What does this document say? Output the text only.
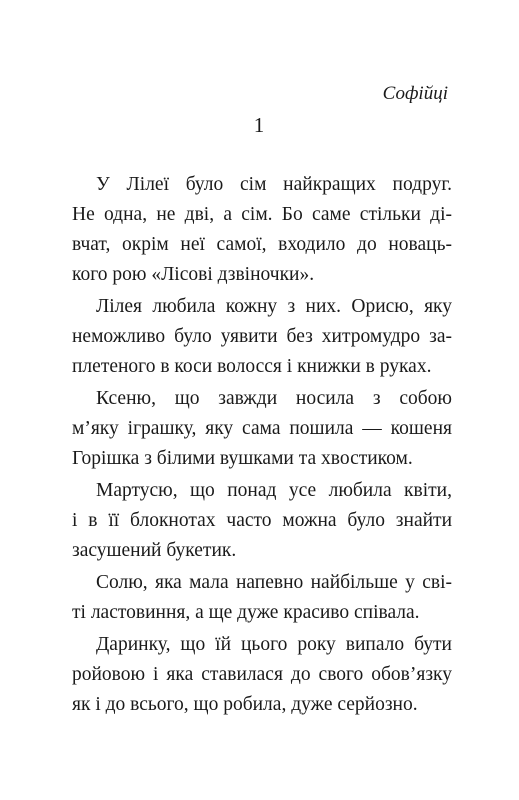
Софійці
1
У Лілеї було сім найкращих подруг.
Не одна, не дві, а сім. Бо саме стільки ді-
вчат, окрім неї самої, входило до новаць-
кого рою «Лісові дзвіночки».
Лілея любила кожну з них. Орисю, яку
неможливо було уявити без хитромудро за-
плетеного в коси волосся і книжки в руках.
Ксеню, що завжди носила з собою
м’яку іграшку, яку сама пошила — кошеня
Горішка з білими вушками та хвостиком.
Мартусю, що понад усе любила квіти,
і в її блокнотах часто можна було знайти
засушений букетик.
Солю, яка мала напевно найбільше у сві-
ті ластовиння, а ще дуже красиво співала.
Даринку, що їй цього року випало бути
ройовою і яка ставилася до свого обов’язку
як і до всього, що робила, дуже серйозно.
